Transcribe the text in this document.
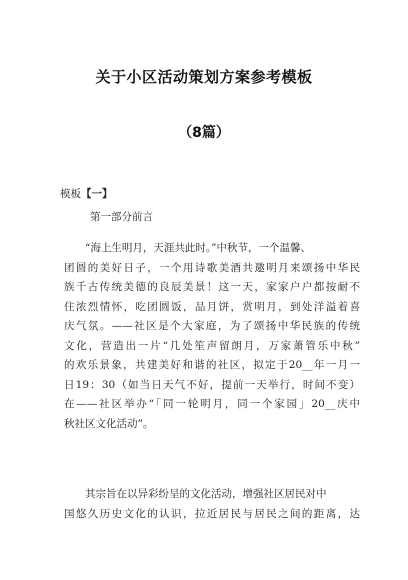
关于小区活动策划方案参考模板
（8篇）
模板【一】
第一部分前言
“海上生明月，天涯共此时。”中秋节，一个温馨、
团圆的美好日子，一个用诗歌美酒共邀明月来颂扬中华民
族千古传统美德的良辰美景！这一天，家家户户都按耐不
住浓烈情怀，吃团圆饭，品月饼，赏明月，到处洋溢着喜
庆气氛。——社区是个大家庭，为了颂扬中华民族的传统
文化，营造出一片“几处笙声留朗月，万家萧管乐中秋”
的欢乐景象，共建美好和谐的社区，拟定于20__年一月一
日19：30（如当日天气不好，提前一天举行，时间不变）
在——社区举办“「同一轮明月，同一个家园」20__庆中
秋社区文化活动”。
其宗旨在以异彩纷呈的文化活动，增强社区居民对中
国悠久历史文化的认识，拉近居民与居民之间的距离，达
